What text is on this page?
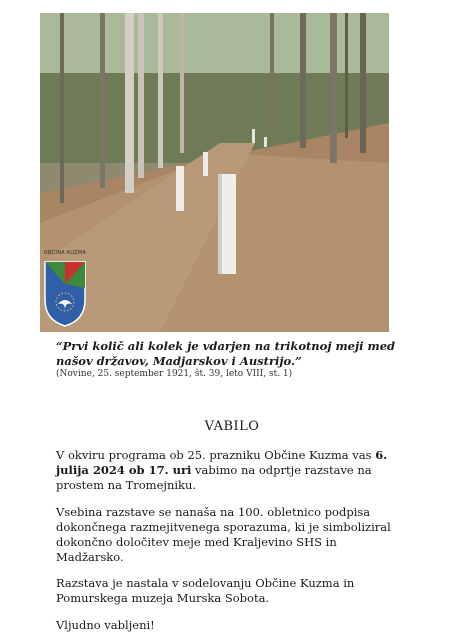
OBČINA KUZMA
“Prvi količ ali kolek je vdarjen na trikotnoj meji med našov državov, Madjarskov i Austrijo.”
(Novine, 25. september 1921, št. 39, leto VIII, st. 1)
VABILO
V okviru programa ob 25. prazniku Občine Kuzma vas 6. julija 2024 ob 17. uri vabimo na odprtje razstave na prostem na Tromejniku.
Vsebina razstave se nanaša na 100. obletnico podpisa dokončnega razmejitvenega sporazuma, ki je simboliziral dokončno določitev meje med Kraljevino SHS in Madžarsko.
Razstava je nastala v sodelovanju Občine Kuzma in Pomurskega muzeja Murska Sobota.
Vljudno vabljeni!
